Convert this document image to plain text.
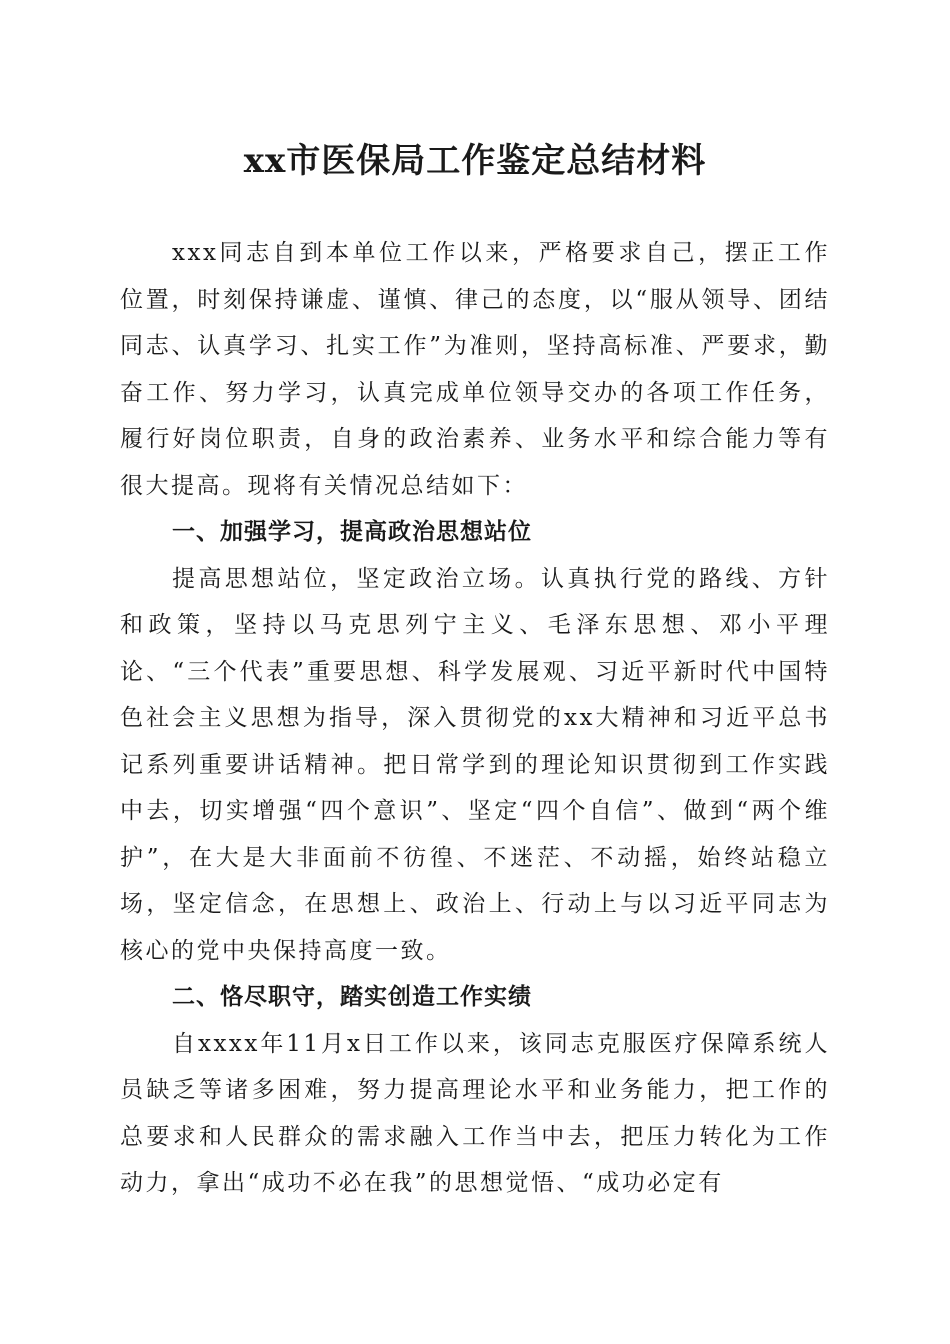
xx市医保局工作鉴定总结材料

xxx同志自到本单位工作以来，严格要求自己，摆正工作位置，时刻保持谦虚、谨慎、律己的态度，以“服从领导、团结同志、认真学习、扎实工作”为准则，坚持高标准、严要求，勤奋工作、努力学习，认真完成单位领导交办的各项工作任务，履行好岗位职责，自身的政治素养、业务水平和综合能力等有很大提高。现将有关情况总结如下：

一、加强学习，提高政治思想站位

提高思想站位，坚定政治立场。认真执行党的路线、方针和政策，坚持以马克思列宁主义、毛泽东思想、邓小平理论、“三个代表”重要思想、科学发展观、习近平新时代中国特色社会主义思想为指导，深入贯彻党的xx大精神和习近平总书记系列重要讲话精神。把日常学到的理论知识贯彻到工作实践中去，切实增强“四个意识”、坚定“四个自信”、做到“两个维护”，在大是大非面前不彷徨、不迷茫、不动摇，始终站稳立场，坚定信念，在思想上、政治上、行动上与以习近平同志为核心的党中央保持高度一致。

二、恪尽职守，踏实创造工作实绩

自xxxx年11月x日工作以来，该同志克服医疗保障系统人员缺乏等诸多困难，努力提高理论水平和业务能力，把工作的总要求和人民群众的需求融入工作当中去，把压力转化为工作动力，拿出“成功不必在我”的思想觉悟、“成功必定有
